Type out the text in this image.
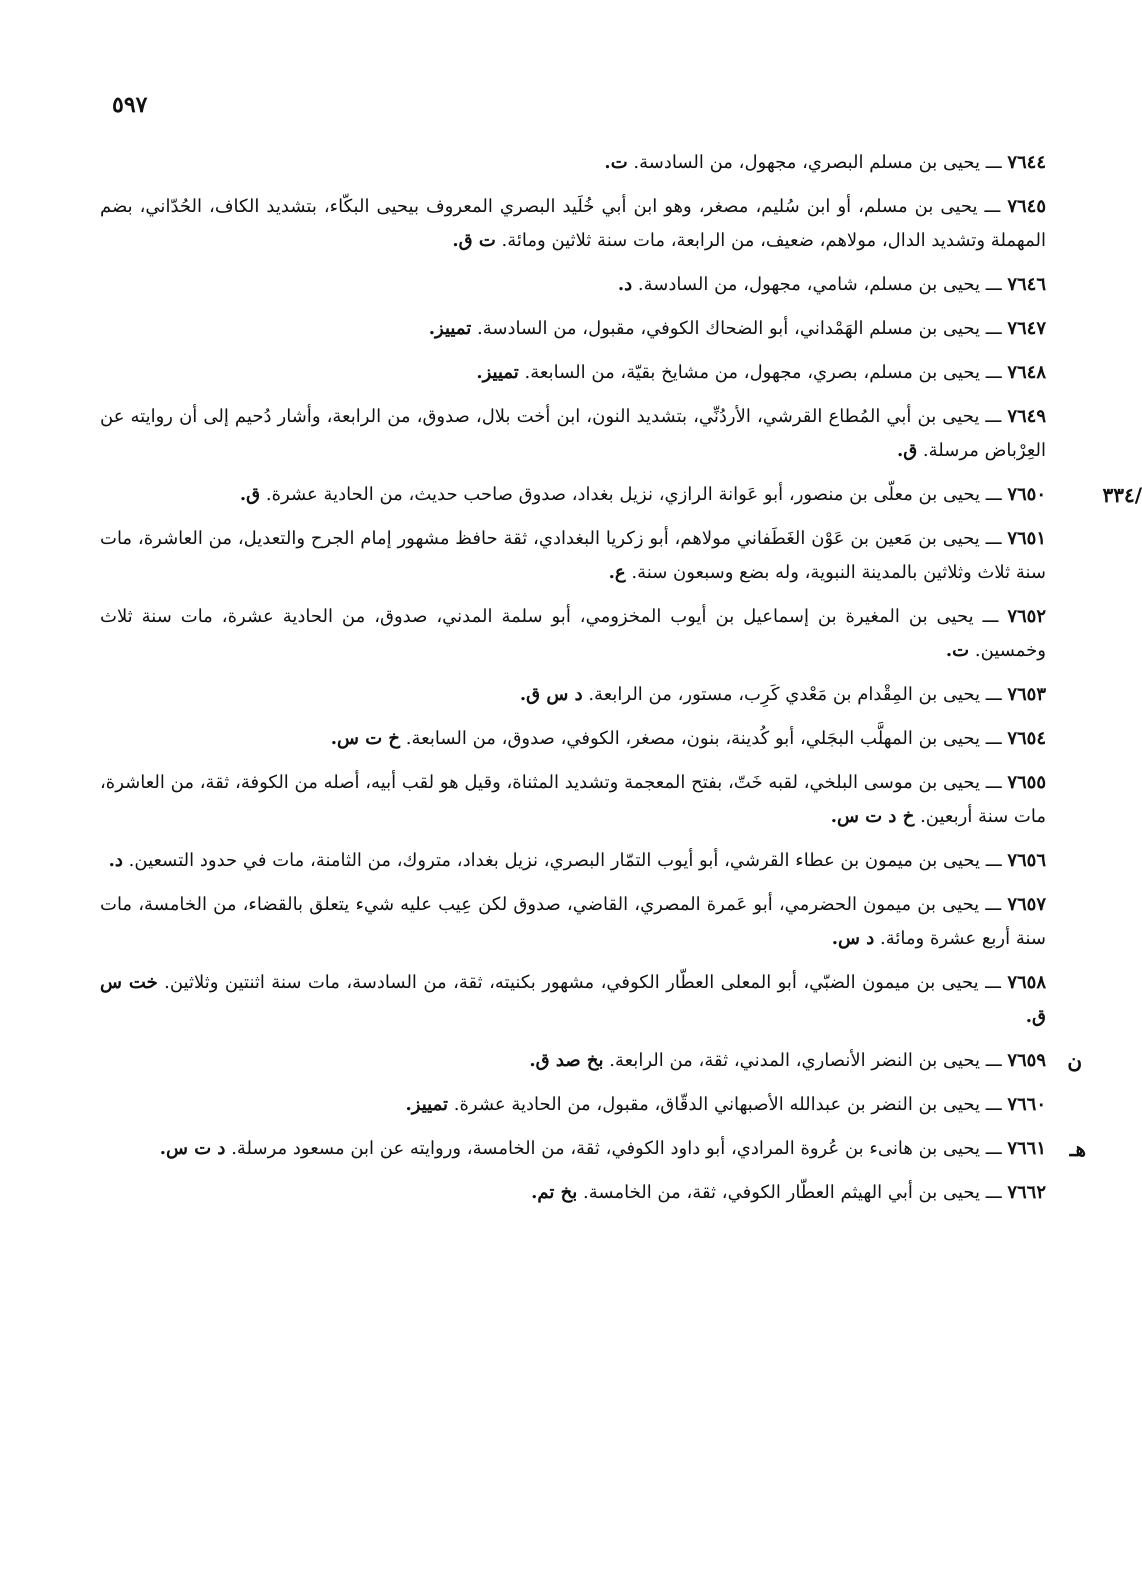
٥٩٧

٧٦٤٤ ـــ يحيى بن مسلم البصري، مجهول، من السادسة. ت.

٧٦٤٥ ـــ يحيى بن مسلم، أو ابن سُليم، مصغر، وهو ابن أبي خُلَيد البصري المعروف بيحيى البكّاء، بتشديد الكاف، الحُدّاني، بضم المهملة وتشديد الدال، مولاهم، ضعيف، من الرابعة، مات سنة ثلاثين ومائة. ت ق.

٧٦٤٦ ـــ يحيى بن مسلم، شامي، مجهول، من السادسة. د.

٧٦٤٧ ـــ يحيى بن مسلم الهَمْداني، أبو الضحاك الكوفي، مقبول، من السادسة. تمييز.

٧٦٤٨ ـــ يحيى بن مسلم، بصري، مجهول، من مشايخ بقيّة، من السابعة. تمييز.

٧٦٤٩ ـــ يحيى بن أبي المُطاع القرشي، الأردُنِّي، بتشديد النون، ابن أخت بلال، صدوق، من الرابعة، وأشار دُحيم إلى أن روايته عن العِرْباض مرسلة. ق.

٧٦٥٠ ـــ يحيى بن معلّى بن منصور، أبو عَوانة الرازي، نزيل بغداد، صدوق صاحب حديث، من الحادية عشرة. ق.	/٣٣٤

٧٦٥١ ـــ يحيى بن مَعين بن عَوْن الغَطَفاني مولاهم، أبو زكريا البغدادي، ثقة حافظ مشهور إمام الجرح والتعديل، من العاشرة، مات سنة ثلاث وثلاثين بالمدينة النبوية، وله بضع وسبعون سنة. ع.

٧٦٥٢ ـــ يحيى بن المغيرة بن إسماعيل بن أيوب المخزومي، أبو سلمة المدني، صدوق، من الحادية عشرة، مات سنة ثلاث وخمسين. ت.

٧٦٥٣ ـــ يحيى بن المِقْدام بن مَعْدي كَرِب، مستور، من الرابعة. د س ق.

٧٦٥٤ ـــ يحيى بن المهلَّب البجَلي، أبو كُدينة، بنون، مصغر، الكوفي، صدوق، من السابعة. خ ت س.

٧٦٥٥ ـــ يحيى بن موسى البلخي، لقبه خَتّ، بفتح المعجمة وتشديد المثناة، وقيل هو لقب أبيه، أصله من الكوفة، ثقة، من العاشرة، مات سنة أربعين. خ د ت س.

٧٦٥٦ ـــ يحيى بن ميمون بن عطاء القرشي، أبو أيوب التمّار البصري، نزيل بغداد، متروك، من الثامنة، مات في حدود التسعين. د.

٧٦٥٧ ـــ يحيى بن ميمون الحضرمي، أبو عَمرة المصري، القاضي، صدوق لكن عِيب عليه شيء يتعلق بالقضاء، من الخامسة، مات سنة أربع عشرة ومائة. د س.

٧٦٥٨ ـــ يحيى بن ميمون الضبّي، أبو المعلى العطّار الكوفي، مشهور بكنيته، ثقة، من السادسة، مات سنة اثنتين وثلاثين. خت س ق.

٧٦٥٩ ـــ يحيى بن النضر الأنصاري، المدني، ثقة، من الرابعة. بخ صد ق.	ن

٧٦٦٠ ـــ يحيى بن النضر بن عبدالله الأصبهاني الدقّاق، مقبول، من الحادية عشرة. تمييز.

٧٦٦١ ـــ يحيى بن هانىء بن عُروة المرادي، أبو داود الكوفي، ثقة، من الخامسة، وروايته عن ابن مسعود مرسلة. د ت س.	هـ

٧٦٦٢ ـــ يحيى بن أبي الهيثم العطّار الكوفي، ثقة، من الخامسة. بخ تم.
